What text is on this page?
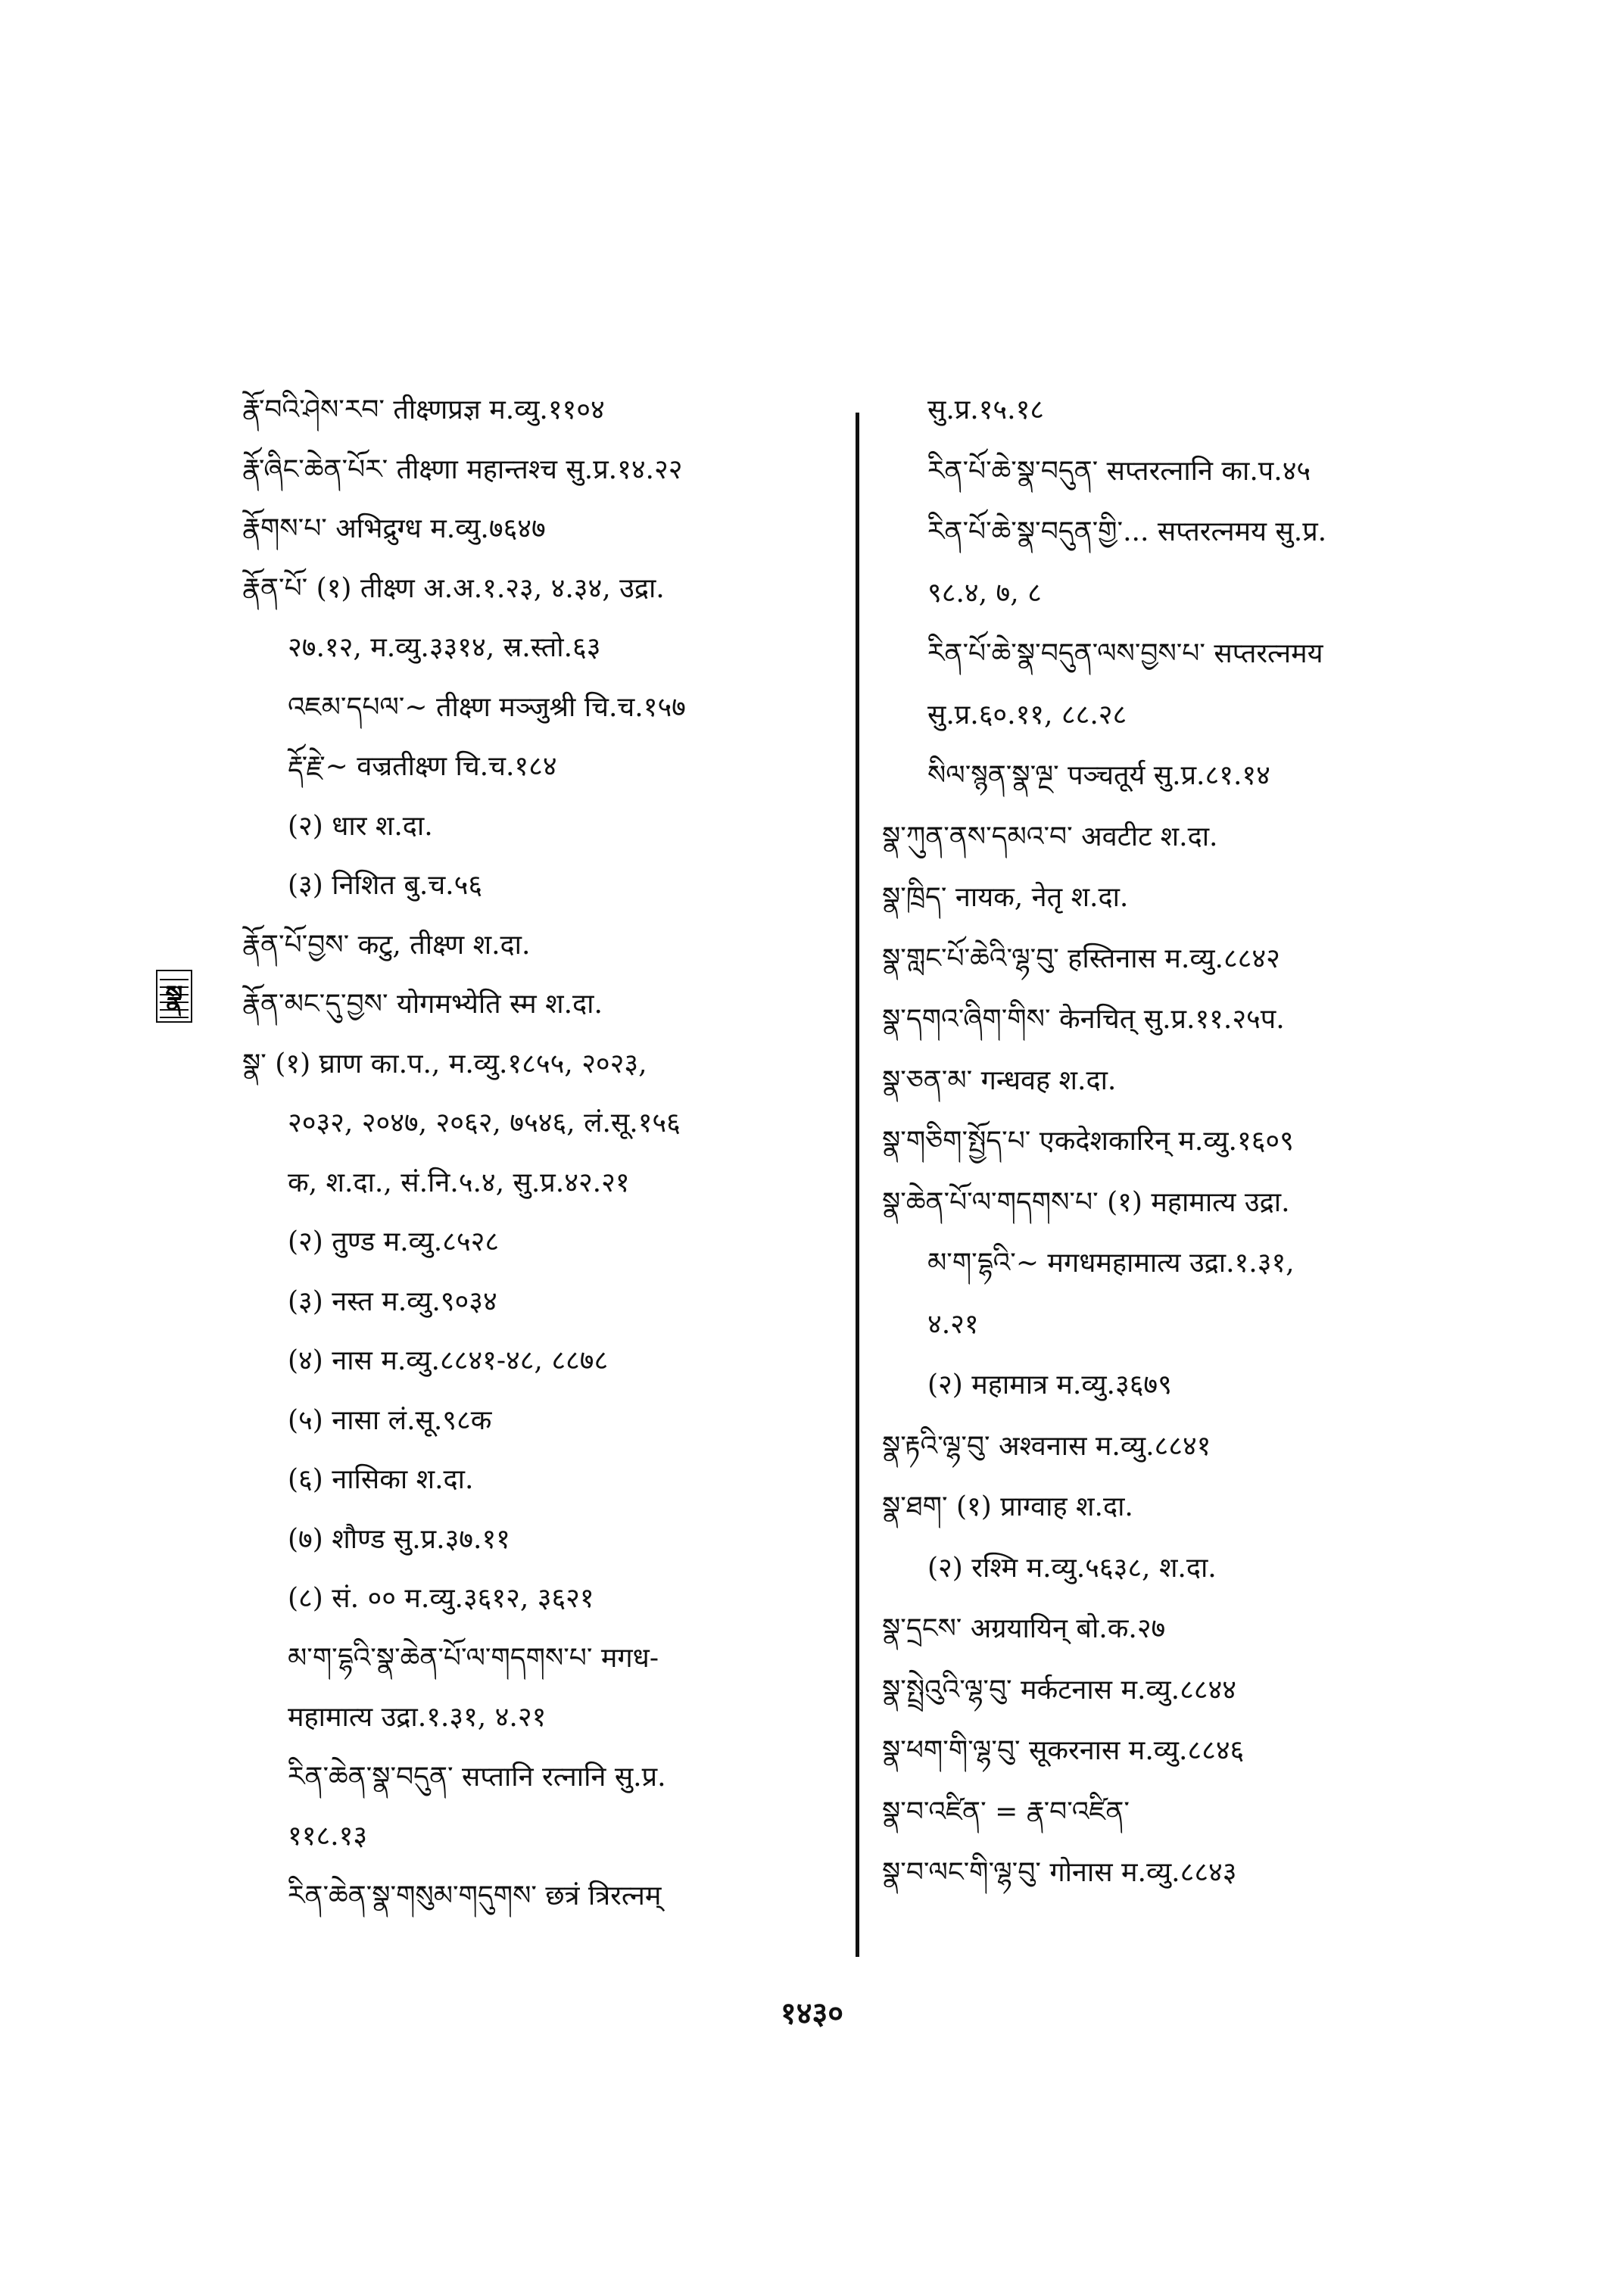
རྣོ་བའི་ཤེས་རབ་ तीक्ष्णप्रज्ञ म.व्यु.११०४
རྣོ་ཞིང་ཆེན་པོར་ तीक्ष्णा महान्तश्च सु.प्र.१४.२२
རྣོགས་པ་ अभिद्रुग्ध म.व्यु.७६४७
རྣོན་པོ་ (१) तीक्ष्ण अ.अ.१.२३, ४.३४, उद्रा.
२७.१२, म.व्यु.३३१४, स्र.स्तो.६३
འཇམ་དཔལ་~ तीक्ष्ण मञ्जुश्री चि.च.१५७
རྡོ་རྗེ་~ वज्रतीक्ष्ण चि.च.१८४
(२) धार श.दा.
(३) निशित बु.च.५६
རྣོན་པོ་བྱས་ कटु, तीक्ष्ण श.दा.
རྣོན་མང་དུ་བྱས་ योगमभ्येति स्म श.दा.
སྣ་ (१) घ्राण का.प., म.व्यु.१८५५, २०२३,
२०३२, २०४७, २०६२, ७५४६, लं.सू.१५६
क, श.दा., सं.नि.५.४, सु.प्र.४२.२१
(२) तुण्ड म.व्यु.८५२८
(३) नस्त म.व्यु.९०३४
(४) नास म.व्यु.८८४१-४८, ८८७८
(५) नासा लं.सू.९८क
(६) नासिका श.दा.
(७) शौण्ड सु.प्र.३७.११
(८) सं. ०० म.व्यु.३६१२, ३६२१
མ་ག་དྷའི་སྣ་ཆེན་པོ་ལ་གདགས་པ་ मगध-
महामात्य उद्रा.१.३१, ४.२१
རིན་ཆེན་སྣ་བདུན་ सप्तानि रत्नानि सु.प्र.
११८.१३
རིན་ཆེན་སྣ་གསུམ་གདུགས་ छत्रं त्रिरत्नम्
सु.प्र.१५.१८
རིན་པོ་ཆེ་སྣ་བདུན་ सप्तरत्नानि का.प.४५
རིན་པོ་ཆེ་སྣ་བདུན་གྱི་... सप्तरत्नमय सु.प्र.
९८.४, ७, ८
རིན་པོ་ཆེ་སྣ་བདུན་ལས་བྱས་པ་ सप्तरत्नमय
सु.प्र.६०.११, ८८.२८
སིལ་སྙན་སྣ་ལྔ་ पञ्चतूर्य सु.प्र.८१.१४
སྣ་ཀུན་ནས་དམའ་བ་ अवटीट श.दा.
སྣ་ཁྲིད་ नायक, नेतृ श.दा.
སྣ་གླང་པོ་ཆེའི་ལྷ་བུ་ हस्तिनास म.व्यु.८८४२
སྣ་དགའ་ཞིག་གིས་ केनचित् सु.प्र.११.२५प.
སྣ་ཅན་མ་ गन्धवह श.दा.
སྣ་གཅིག་སྤྱོད་པ་ एकदेशकारिन् म.व्यु.१६०९
སྣ་ཆེན་པོ་ལ་གདགས་པ་ (१) महामात्य उद्रा.
མ་ག་དྷའི་~ मगधमहामात्य उद्रा.१.३१,
४.२१
(२) महामात्र म.व्यु.३६७९
སྣ་རྟའི་ལྷ་བུ་ अश्वनास म.व्यु.८८४१
སྣ་ཐག་ (१) प्राग्वाह श.दा.
(२) रश्मि म.व्यु.५६३८, श.दा.
སྣ་དྲངས་ अग्रयायिन् बो.क.२७
སྣ་སྤྲེའུའི་ལྷ་བུ་ मर्कटनास म.व्यु.८८४४
སྣ་ཕག་གི་ལྷ་བུ་ सूकरनास म.व्यु.८८४६
སྣ་བ་འཛིན་ = རྣ་བ་འཛིན་
སྣ་བ་ལང་གི་ལྷ་བུ་ गोनास म.व्यु.८८४३
སྣ
१४३०
